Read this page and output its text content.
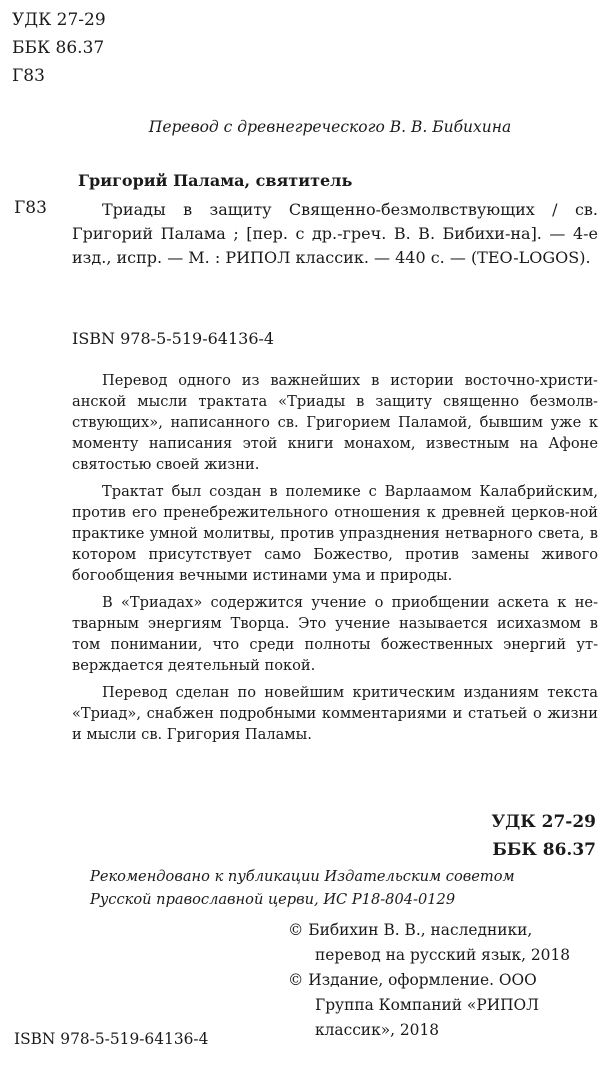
УДК 27-29
ББК 86.37
Г83
Перевод с древнегреческого В. В. Бибихина
Григорий Палама, святитель
Г83	Триады в защиту Священно-безмолвствующих / св. Григорий Палама ; [пер. с др.-греч. В. В. Бибихи-на]. — 4-е изд., испр. — М. : РИПОЛ классик. — 440 с. — (TEO-LOGOS).
ISBN 978-5-519-64136-4

Перевод одного из важнейших в истории восточно-христи-анской мысли трактата «Триады в защиту священно безмолв-ствующих», написанного св. Григорием Паламой, бывшим уже к моменту написания этой книги монахом, известным на Афоне святостью своей жизни.

Трактат был создан в полемике с Варлаамом Калабрийским, против его пренебрежительного отношения к древней церков-ной практике умной молитвы, против упразднения нетварного света, в котором присутствует само Божество, против замены живого богообщения вечными истинами ума и природы.

В «Триадах» содержится учение о приобщении аскета к не-тварным энергиям Творца. Это учение называется исихазмом в том понимании, что среди полноты божественных энергий ут-верждается деятельный покой.

Перевод сделан по новейшим критическим изданиям текста «Триад», снабжен подробными комментариями и статьей о жизни и мысли св. Григория Паламы.

УДК 27-29
ББК 86.37
Рекомендовано к публикации Издательским советом
Русской православной церви, ИС Р18-804-0129
© Бибихин В. В., наследники,
перевод на русский язык, 2018
© Издание, оформление. ООО
Группа Компаний «РИПОЛ
классик», 2018
ISBN 978-5-519-64136-4
